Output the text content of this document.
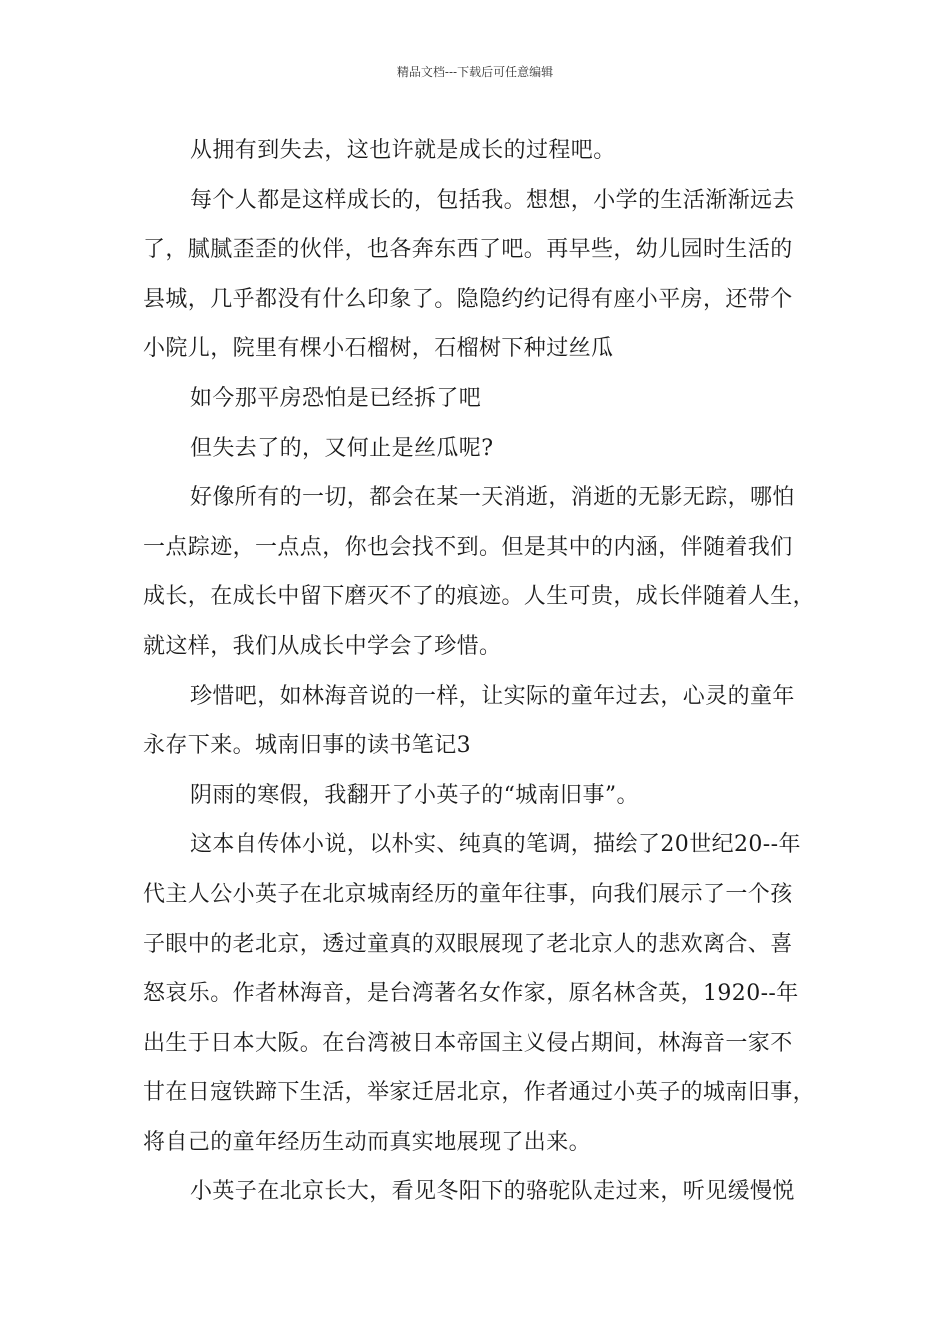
精品文档---下载后可任意编辑
从拥有到失去，这也许就是成长的过程吧。
每个人都是这样成长的，包括我。想想，小学的生活渐渐远去
了，腻腻歪歪的伙伴，也各奔东西了吧。再早些，幼儿园时生活的
县城，几乎都没有什么印象了。隐隐约约记得有座小平房，还带个
小院儿，院里有棵小石榴树，石榴树下种过丝瓜
如今那平房恐怕是已经拆了吧
但失去了的，又何止是丝瓜呢?
好像所有的一切，都会在某一天消逝，消逝的无影无踪，哪怕
一点踪迹，一点点，你也会找不到。但是其中的内涵，伴随着我们
成长，在成长中留下磨灭不了的痕迹。人生可贵，成长伴随着人生，
就这样，我们从成长中学会了珍惜。
珍惜吧，如林海音说的一样，让实际的童年过去，心灵的童年
永存下来。城南旧事的读书笔记3
阴雨的寒假，我翻开了小英子的“城南旧事”。
这本自传体小说，以朴实、纯真的笔调，描绘了20世纪20--年
代主人公小英子在北京城南经历的童年往事，向我们展示了一个孩
子眼中的老北京，透过童真的双眼展现了老北京人的悲欢离合、喜
怒哀乐。作者林海音，是台湾著名女作家，原名林含英，1920--年
出生于日本大阪。在台湾被日本帝国主义侵占期间，林海音一家不
甘在日寇铁蹄下生活，举家迁居北京，作者通过小英子的城南旧事，
将自己的童年经历生动而真实地展现了出来。
小英子在北京长大，看见冬阳下的骆驼队走过来，听见缓慢悦
